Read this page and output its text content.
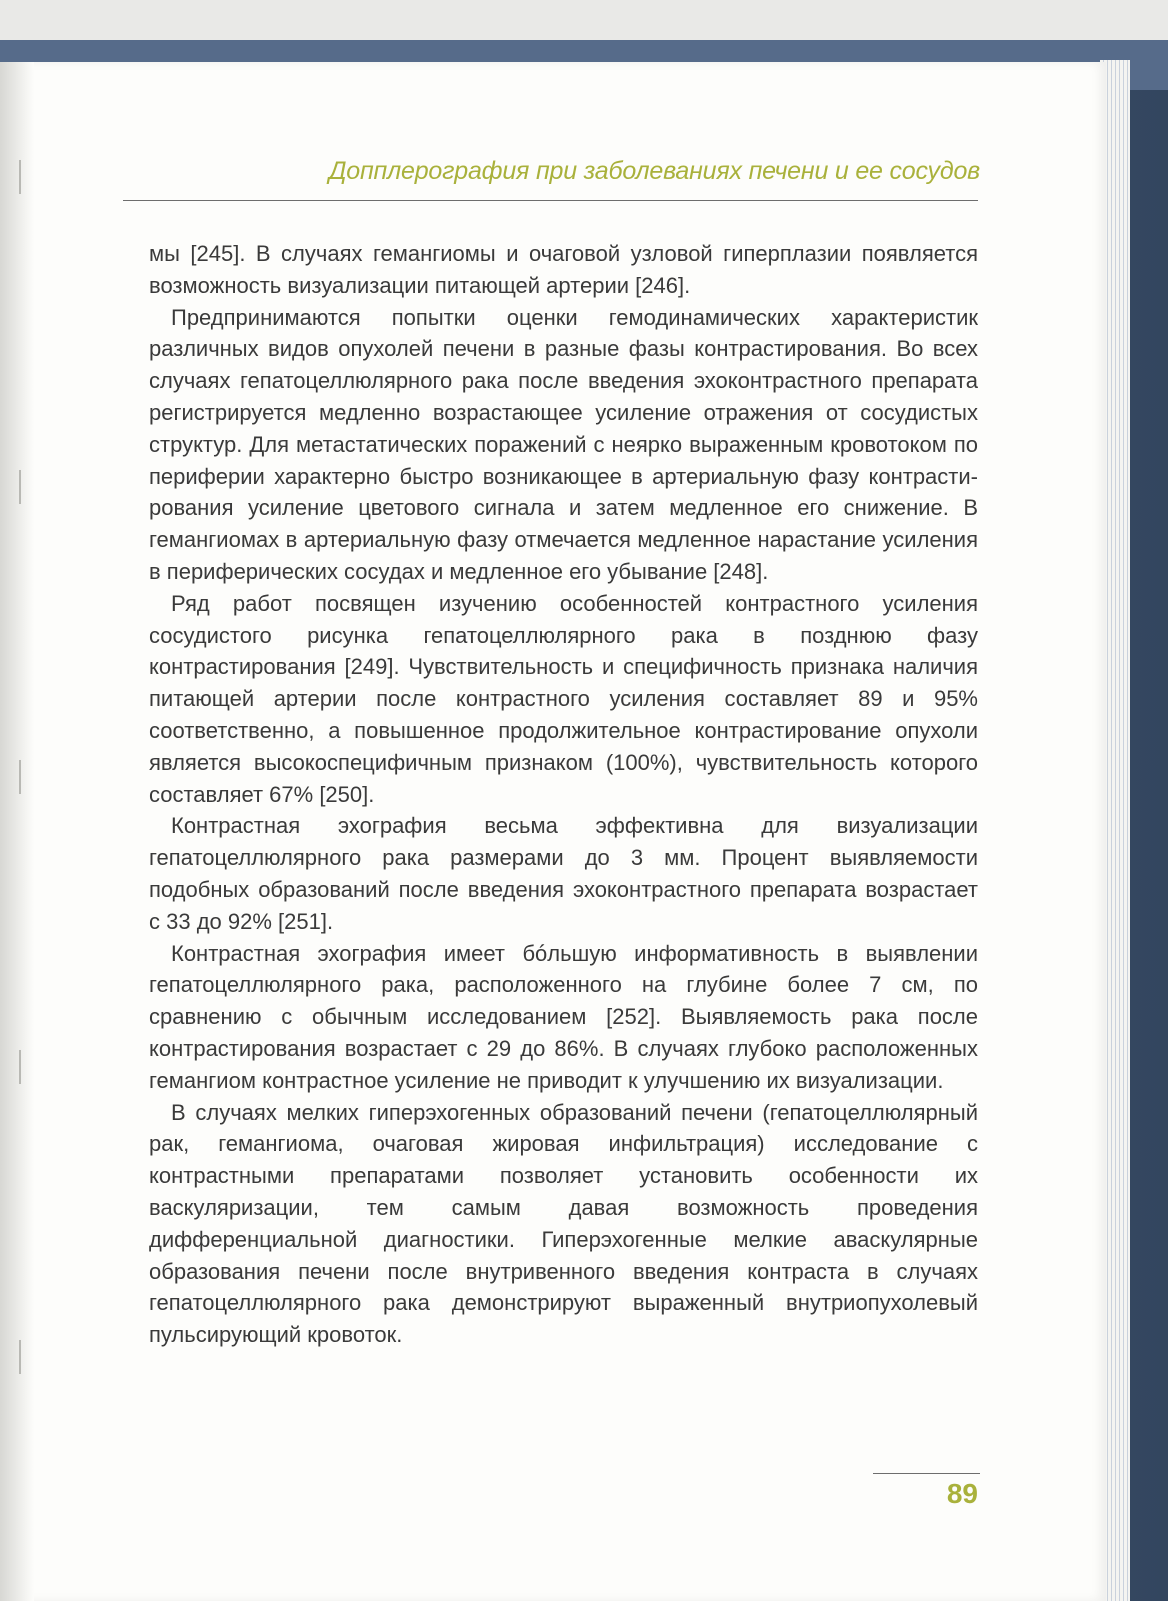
Допплерография при заболеваниях печени и ее сосудов

мы [245]. В случаях гемангиомы и очаговой узловой гиперплазии появляется возможность визуализации питающей артерии [246].

Предпринимаются попытки оценки гемодинамических характеристик различных видов опухолей печени в разные фазы контрастирования. Во всех случаях гепатоцеллюлярного рака после введения эхоконтрастного препарата регистрируется медленно возрастающее усиление отражения от сосудистых структур. Для метастатических поражений с неярко выраженным кровотоком по периферии характерно быстро возникающее в артериальную фазу контрастирования усиление цветового сигнала и затем медленное его снижение. В гемангиомах в артериальную фазу отмечается медленное нарастание усиления в периферических сосудах и медленное его убывание [248].

Ряд работ посвящен изучению особенностей контрастного усиления сосудистого рисунка гепатоцеллюлярного рака в позднюю фазу контрастирования [249]. Чувствительность и специфичность признака наличия питающей артерии после контрастного усиления составляет 89 и 95% соответственно, а повышенное продолжительное контрастирование опухоли является высокоспецифичным признаком (100%), чувствительность которого составляет 67% [250].

Контрастная эхография весьма эффективна для визуализации гепатоцеллюлярного рака размерами до 3 мм. Процент выявляемости подобных образований после введения эхоконтрастного препарата возрастает с 33 до 92% [251].

Контрастная эхография имеет бóльшую информативность в выявлении гепатоцеллюлярного рака, расположенного на глубине более 7 см, по сравнению с обычным исследованием [252]. Выявляемость рака после контрастирования возрастает с 29 до 86%. В случаях глубоко расположенных гемангиом контрастное усиление не приводит к улучшению их визуализации.

В случаях мелких гиперэхогенных образований печени (гепатоцеллюлярный рак, гемангиома, очаговая жировая инфильтрация) исследование с контрастными препаратами позволяет установить особенности их васкуляризации, тем самым давая возможность проведения дифференциальной диагностики. Гиперэхогенные мелкие аваскулярные образования печени после внутривенного введения контраста в случаях гепатоцеллюлярного рака демонстрируют выраженный внутриопухолевый пульсирующий кровоток.

89
